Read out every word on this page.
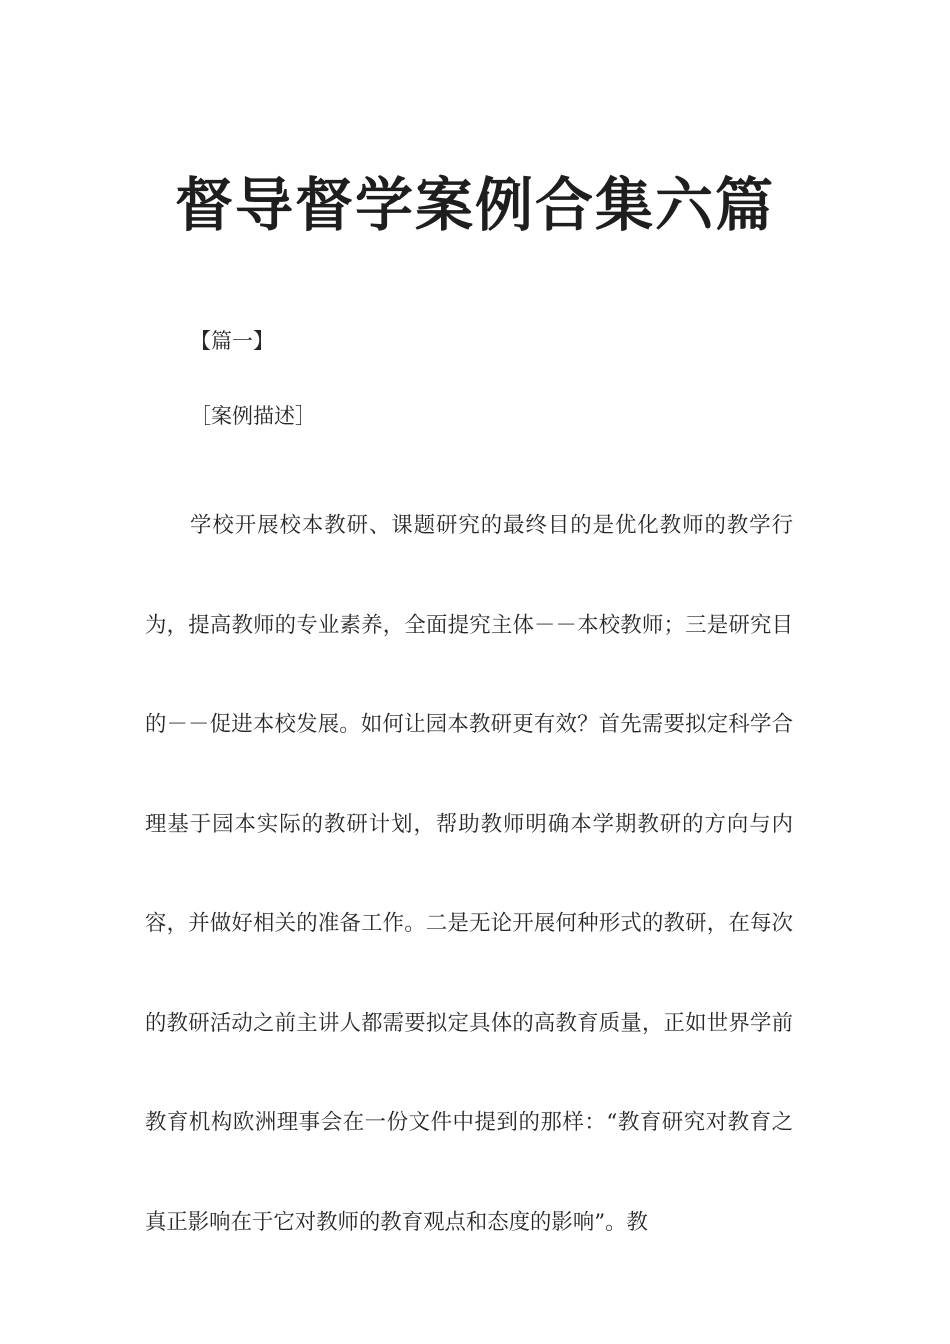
督导督学案例合集六篇
【篇一】
［案例描述］

学校开展校本教研、课题研究的最终目的是优化教师的教学行为，提高教师的专业素养，全面提究主体－－本校教师；三是研究目的－－促进本校发展。如何让园本教研更有效？首先需要拟定科学合理基于园本实际的教研计划，帮助教师明确本学期教研的方向与内容，并做好相关的准备工作。二是无论开展何种形式的教研，在每次的教研活动之前主讲人都需要拟定具体的高教育质量，正如世界学前教育机构欧洲理事会在一份文件中提到的那样：“教育研究对教育之真正影响在于它对教师的教育观点和态度的影响”。教
